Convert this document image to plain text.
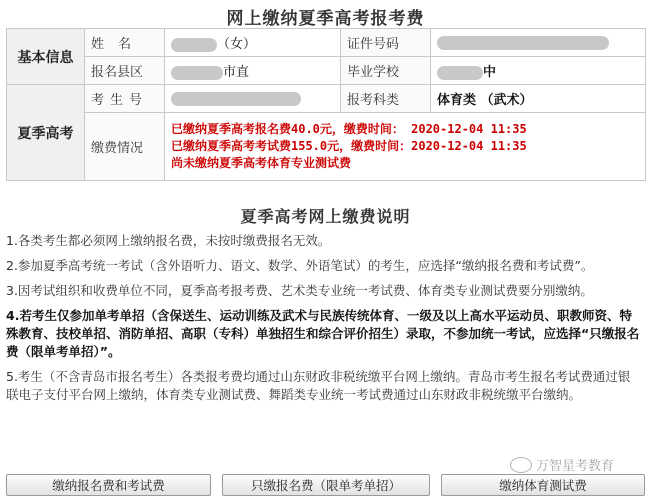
网上缴纳夏季高考报考费
基本信息	姓名	（女）	证件号码	
	报名县区	市直	毕业学校	中
夏季高考	考生号		报考科类	体育类 （武术）
	缴费情况	已缴纳夏季高考报名费40.0元，缴费时间： 2020-12-04 11:35
已缴纳夏季高考考试费155.0元，缴费时间：2020-12-04 11:35
尚未缴纳夏季高考体育专业测试费		
夏季高考网上缴费说明
1.各类考生都必须网上缴纳报名费，未按时缴费报名无效。
2.参加夏季高考统一考试（含外语听力、语文、数学、外语笔试）的考生，应选择“缴纳报名费和考试费”。
3.因考试组织和收费单位不同，夏季高考报考费、艺术类专业统一考试费、体育类专业测试费要分别缴纳。
4.若考生仅参加单考单招（含保送生、运动训练及武术与民族传统体育、一级及以上高水平运动员、职教师资、特殊教育、技校单招、消防单招、高职（专科）单独招生和综合评价招生）录取，不参加统一考试，应选择“只缴报名费（限单考单招）”。
5.考生（不含青岛市报名考生）各类报考费均通过山东财政非税统缴平台网上缴纳。青岛市考生报名考试费通过银联电子支付平台网上缴纳，体育类专业测试费、舞蹈类专业统一考试费通过山东财政非税统缴平台缴纳。
万智星考教育
缴纳报名费和考试费	只缴报名费（限单考单招）	缴纳体育测试费
